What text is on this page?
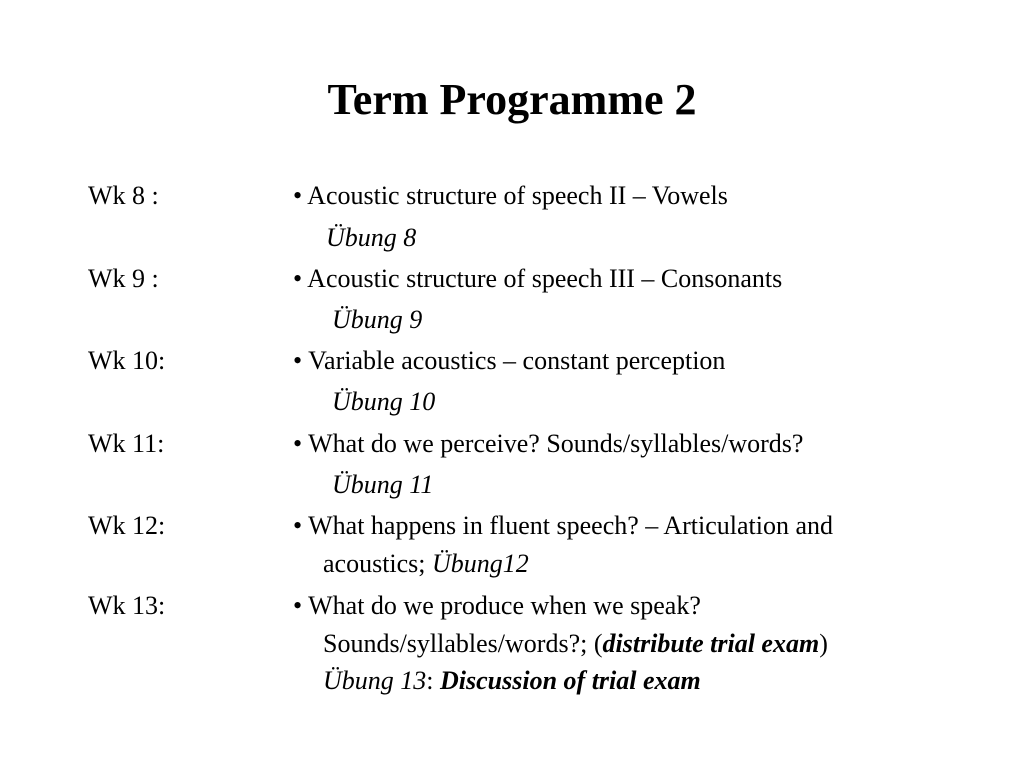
Term Programme 2
Wk 8 :	• Acoustic structure of speech II – Vowels
Übung 8
Wk 9 :	• Acoustic structure of speech III – Consonants
Übung 9
Wk 10:	• Variable acoustics – constant perception
Übung 10
Wk 11:	• What do we perceive? Sounds/syllables/words?
Übung 11
Wk 12:	• What happens in fluent speech? – Articulation and
acoustics; Übung12
Wk 13:	• What do we produce when we speak?
Sounds/syllables/words?; (distribute trial exam)
Übung 13: Discussion of trial exam
